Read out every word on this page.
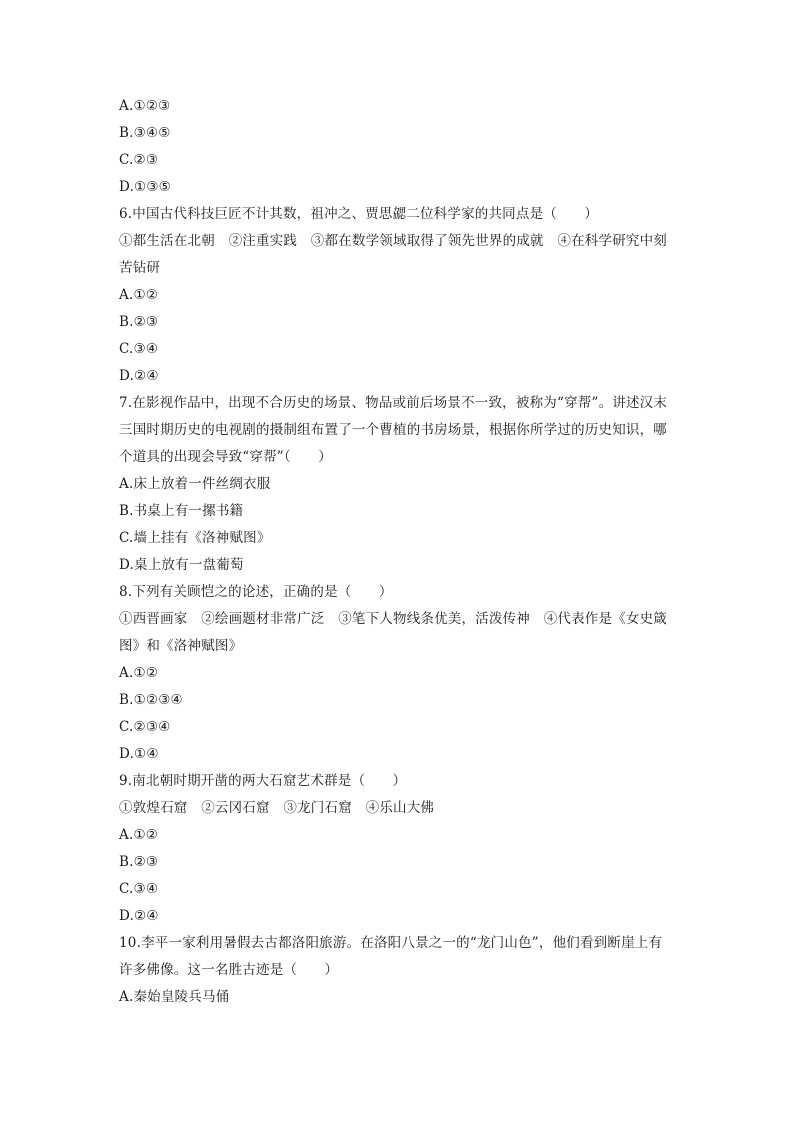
A.①②③
B.③④⑤
C.②③
D.①③⑤
6.中国古代科技巨匠不计其数，祖冲之、贾思勰二位科学家的共同点是（　　）
①都生活在北朝　②注重实践　③都在数学领域取得了领先世界的成就　④在科学研究中刻
苦钻研
A.①②
B.②③
C.③④
D.②④
7.在影视作品中，出现不合历史的场景、物品或前后场景不一致，被称为“穿帮”。讲述汉末
三国时期历史的电视剧的摄制组布置了一个曹植的书房场景，根据你所学过的历史知识，哪
个道具的出现会导致“穿帮”（　　）
A.床上放着一件丝绸衣服
B.书桌上有一摞书籍
C.墙上挂有《洛神赋图》
D.桌上放有一盘葡萄
8.下列有关顾恺之的论述，正确的是（　　）
①西晋画家　②绘画题材非常广泛　③笔下人物线条优美，活泼传神　④代表作是《女史箴
图》和《洛神赋图》
A.①②
B.①②③④
C.②③④
D.①④
9.南北朝时期开凿的两大石窟艺术群是（　　）
①敦煌石窟　②云冈石窟　③龙门石窟　④乐山大佛
A.①②
B.②③
C.③④
D.②④
10.李平一家利用暑假去古都洛阳旅游。在洛阳八景之一的“龙门山色”，他们看到断崖上有
许多佛像。这一名胜古迹是（　　）
A.秦始皇陵兵马俑
